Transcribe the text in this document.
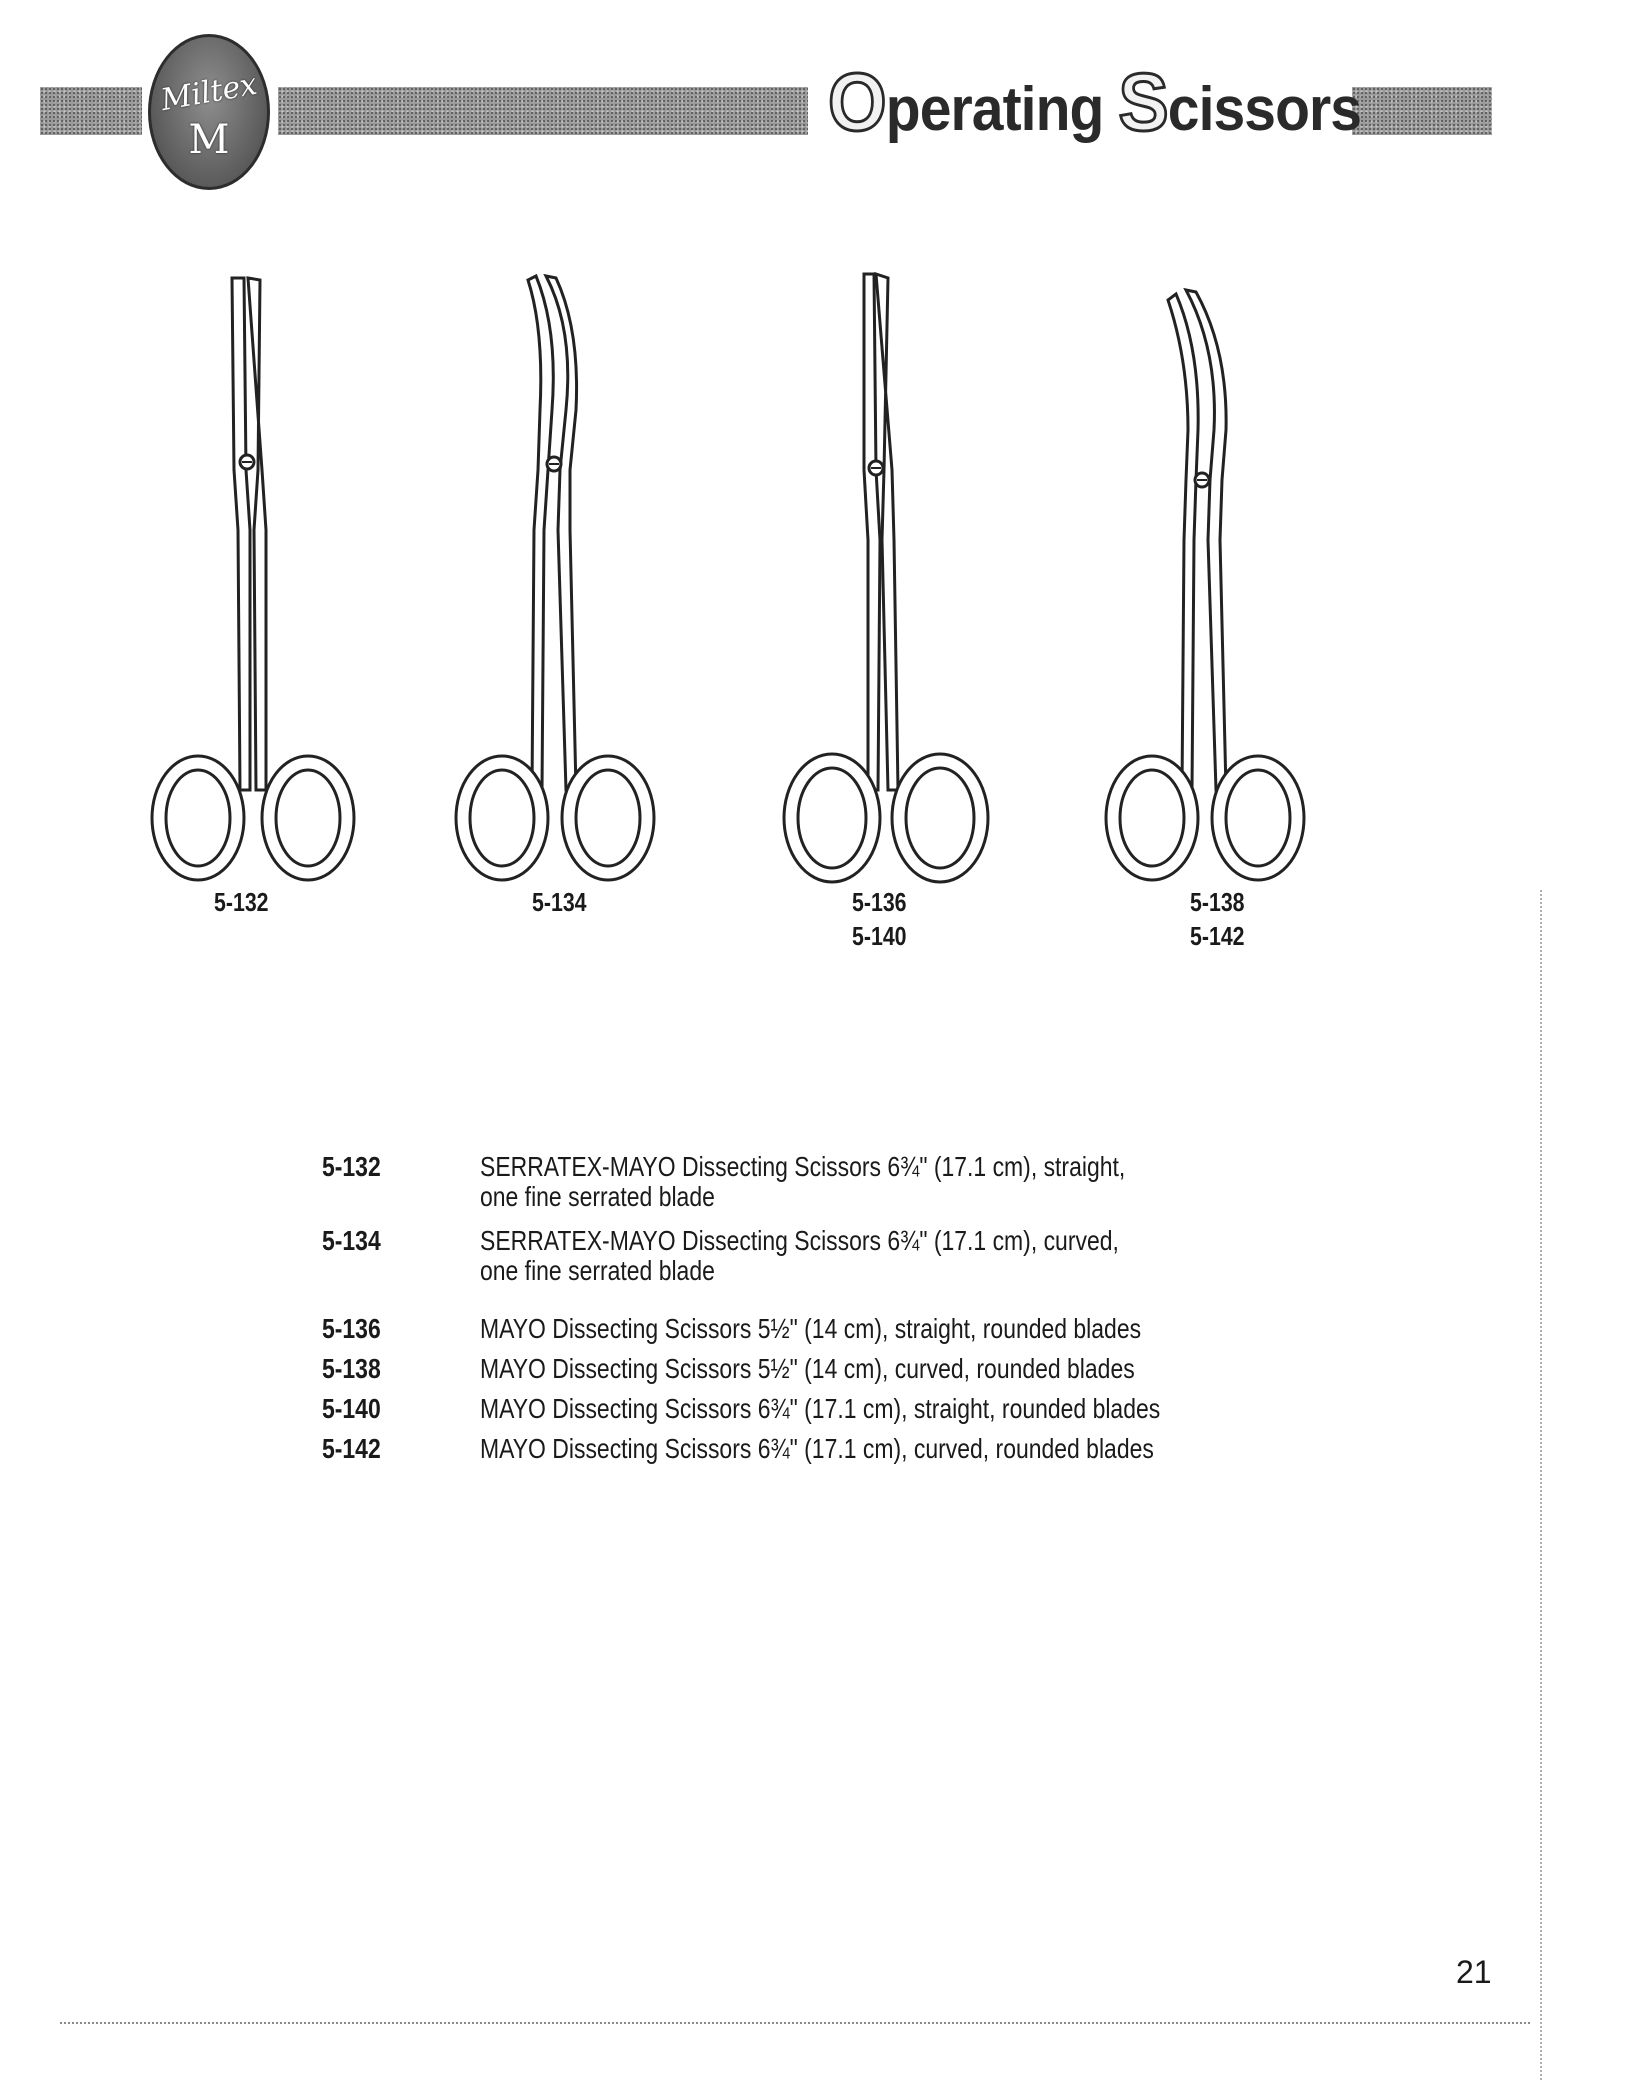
Miltex
M	Operating Scissors
5-132	5-134	5-136
5-140
5-138
5-142
5-132	SERRATEX-MAYO Dissecting Scissors 6¾" (17.1 cm), straight,
one fine serrated blade
5-134	SERRATEX-MAYO Dissecting Scissors 6¾" (17.1 cm), curved,
one fine serrated blade
5-136	MAYO Dissecting Scissors 5½" (14 cm), straight, rounded blades
5-138	MAYO Dissecting Scissors 5½" (14 cm), curved, rounded blades
5-140	MAYO Dissecting Scissors 6¾" (17.1 cm), straight, rounded blades
5-142	MAYO Dissecting Scissors 6¾" (17.1 cm), curved, rounded blades
21
